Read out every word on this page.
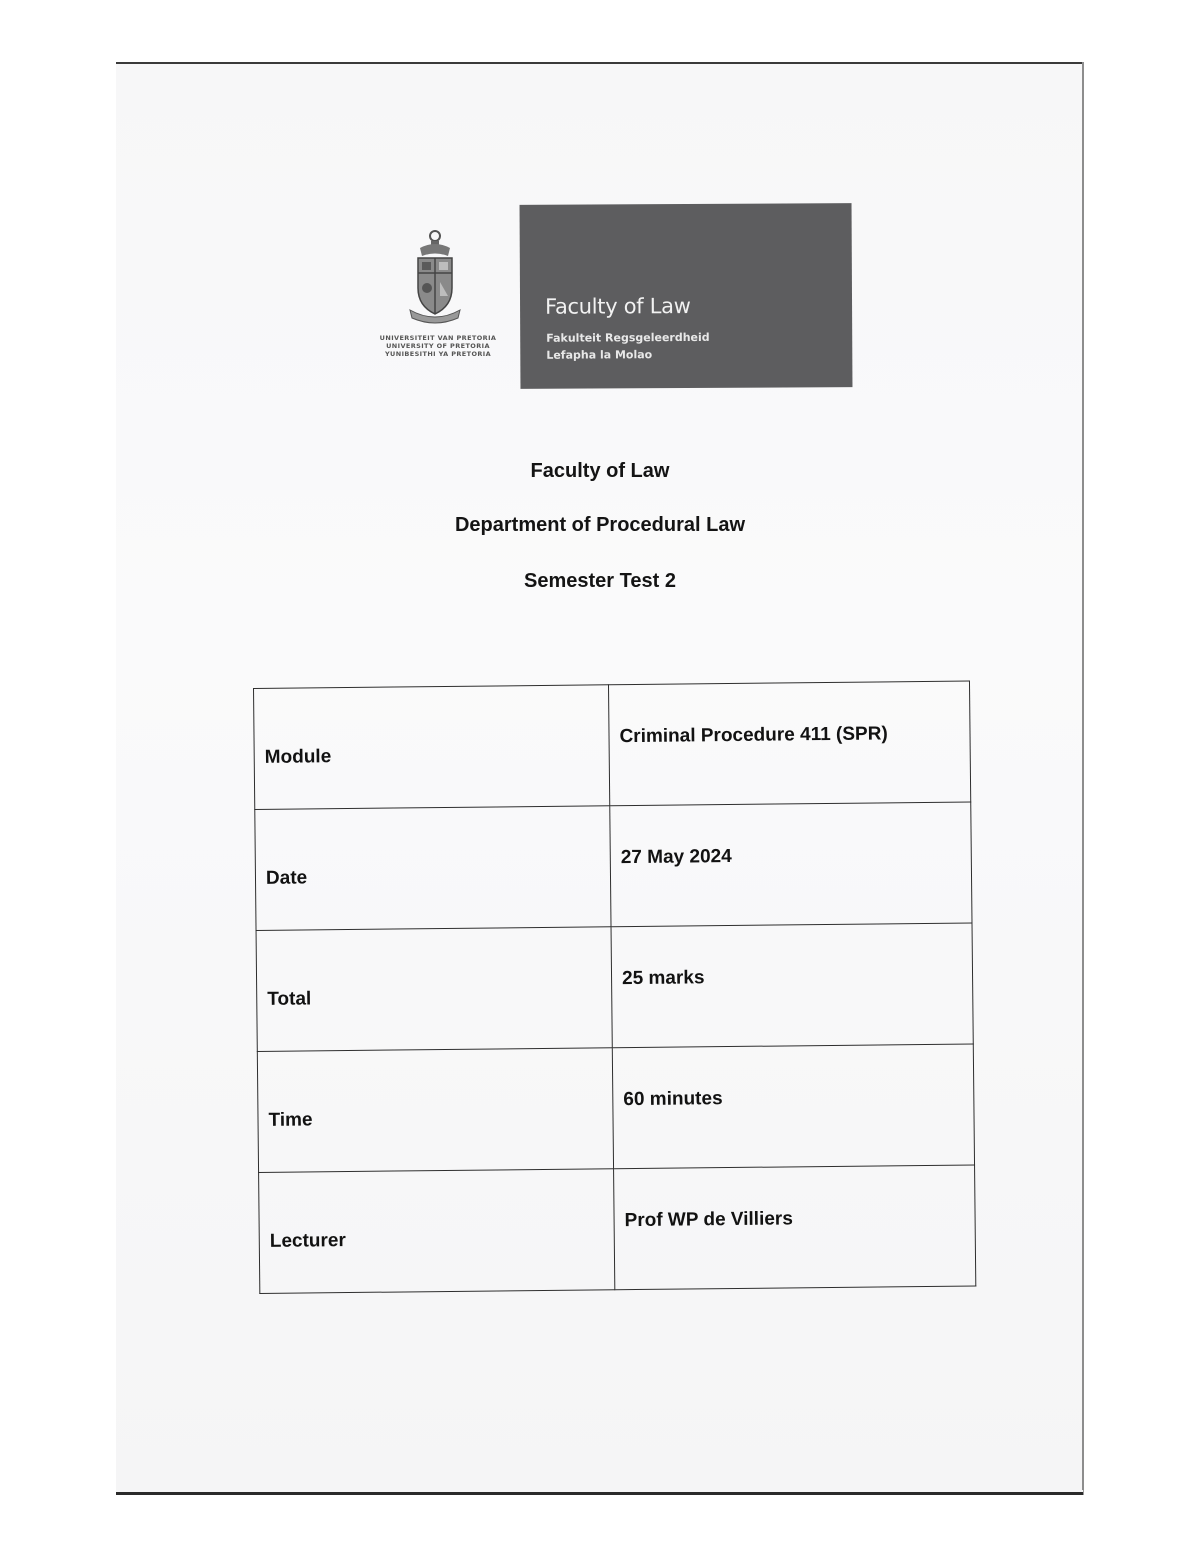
UNIVERSITEIT VAN PRETORIA
UNIVERSITY OF PRETORIA
YUNIBESITHI YA PRETORIA
Faculty of Law
Fakulteit Regsgeleerdheid
Lefapha la Molao
Faculty of Law
Department of Procedural Law
Semester Test 2
Module	Criminal Procedure 411 (SPR)
Date	27 May 2024
Total	25 marks
Time	60 minutes
Lecturer	Prof WP de Villiers
